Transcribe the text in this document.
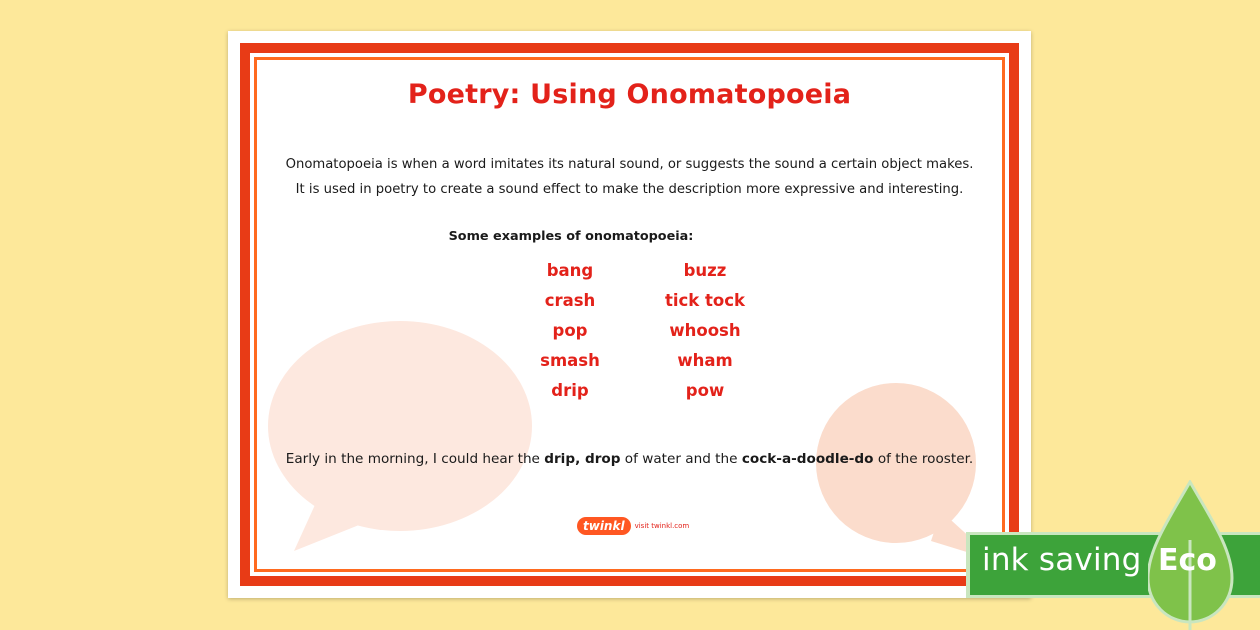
Poetry: Using Onomatopoeia

Onomatopoeia is when a word imitates its natural sound, or suggests the sound a certain object makes.

It is used in poetry to create a sound effect to make the description more expressive and interesting.

Some examples of onomatopoeia:
bang
crash
pop
smash
drip
buzz
tick tock
whoosh
wham
pow
Early in the morning, I could hear the drip, drop of water and the cock-a-doodle-do of the rooster.
twinkl	visit twinkl.com
ink saving Eco
